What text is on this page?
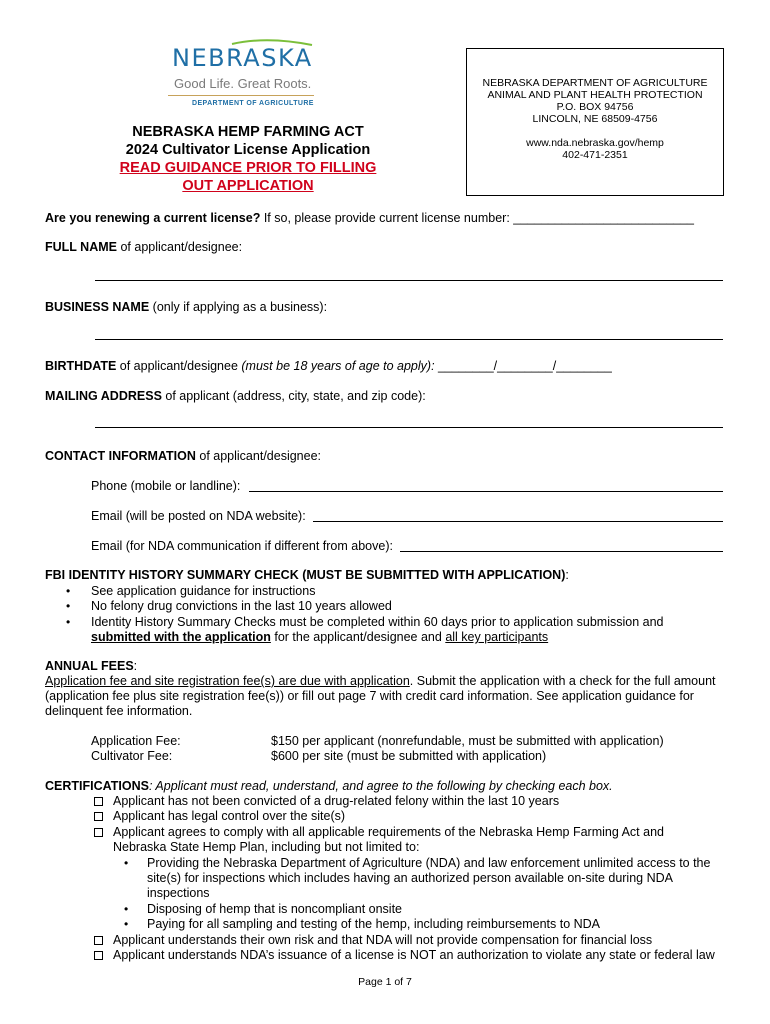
NEBRASKA
Good Life. Great Roots.
DEPARTMENT OF AGRICULTURE
NEBRASKA HEMP FARMING ACT
2024 Cultivator License Application
READ GUIDANCE PRIOR TO FILLING
OUT APPLICATION
NEBRASKA DEPARTMENT OF AGRICULTURE
ANIMAL AND PLANT HEALTH PROTECTION
P.O. BOX 94756
LINCOLN, NE 68509-4756
www.nda.nebraska.gov/hemp
402-471-2351
Are you renewing a current license? If so, please provide current license number: __________________________
FULL NAME of applicant/designee:
BUSINESS NAME (only if applying as a business):
BIRTHDATE of applicant/designee (must be 18 years of age to apply): ________/________/________
MAILING ADDRESS of applicant (address, city, state, and zip code):
CONTACT INFORMATION of applicant/designee:
Phone (mobile or landline):
Email (will be posted on NDA website):
Email (for NDA communication if different from above):
FBI IDENTITY HISTORY SUMMARY CHECK (MUST BE SUBMITTED WITH APPLICATION):
• See application guidance for instructions
• No felony drug convictions in the last 10 years allowed
• Identity History Summary Checks must be completed within 60 days prior to application submission and
submitted with the application for the applicant/designee and all key participants
ANNUAL FEES:
Application fee and site registration fee(s) are due with application. Submit the application with a check for the full amount
(application fee plus site registration fee(s)) or fill out page 7 with credit card information. See application guidance for
delinquent fee information.
Application Fee:	$150 per applicant (nonrefundable, must be submitted with application)
Cultivator Fee:	$600 per site (must be submitted with application)
CERTIFICATIONS: Applicant must read, understand, and agree to the following by checking each box.
Applicant has not been convicted of a drug-related felony within the last 10 years
Applicant has legal control over the site(s)
Applicant agrees to comply with all applicable requirements of the Nebraska Hemp Farming Act and
Nebraska State Hemp Plan, including but not limited to:
• Providing the Nebraska Department of Agriculture (NDA) and law enforcement unlimited access to the
site(s) for inspections which includes having an authorized person available on-site during NDA
inspections
• Disposing of hemp that is noncompliant onsite
• Paying for all sampling and testing of the hemp, including reimbursements to NDA
Applicant understands their own risk and that NDA will not provide compensation for financial loss
Applicant understands NDA’s issuance of a license is NOT an authorization to violate any state or federal law
Page 1 of 7
